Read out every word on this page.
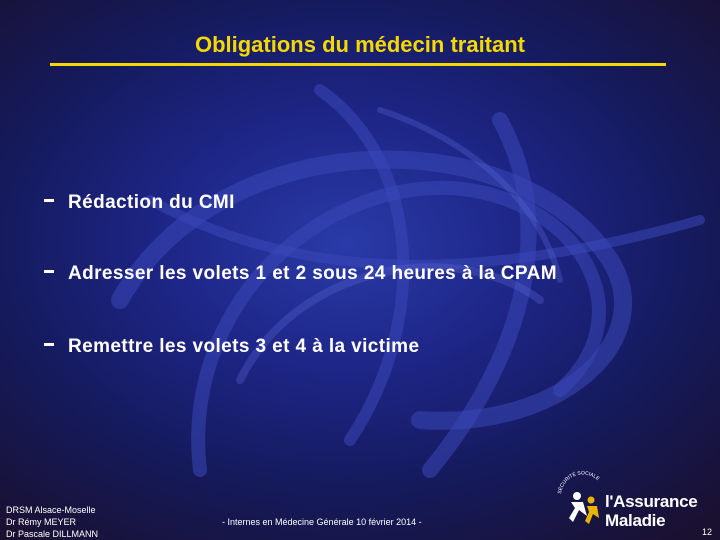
Obligations du médecin traitant
Rédaction du CMI
Adresser les volets 1 et 2 sous 24 heures à la CPAM
Remettre les volets 3 et 4 à la victime
DRSM Alsace-Moselle
Dr Rémy MEYER
Dr Pascale DILLMANN
- Internes en Médecine Générale 10 février 2014 -
SÉCURITÉ SOCIALE
l'Assurance
Maladie
12
